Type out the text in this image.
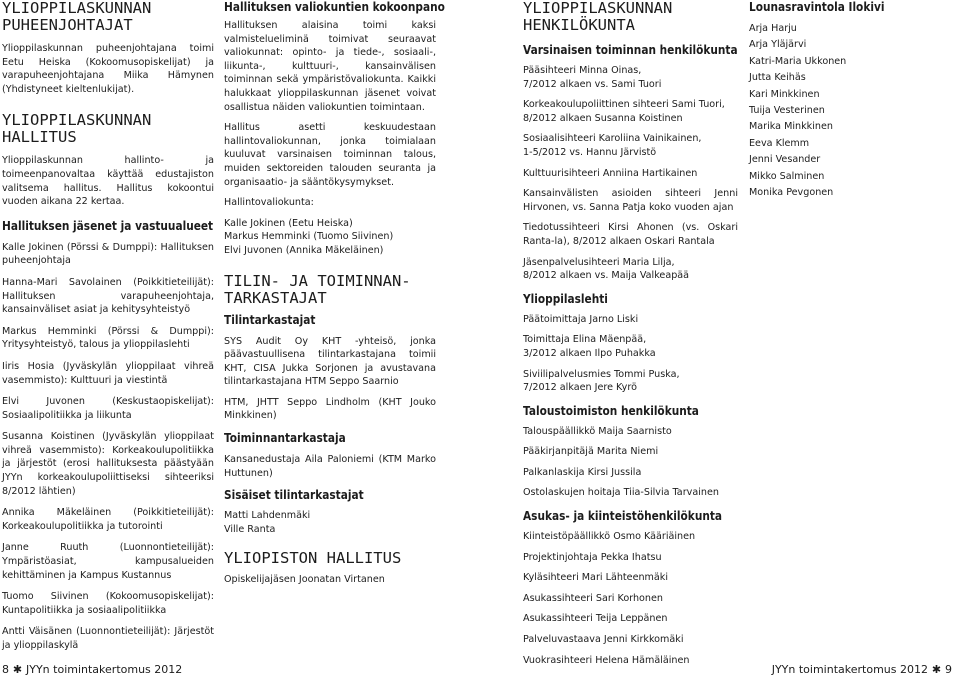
YLIOPPILASKUNNAN
PUHEENJOHTAJAT

Ylioppilaskunnan puheenjohtajana toimi Eetu Heiska (Kokoomusopiskelijat) ja varapuheenjohtajana Miika Hämynen (Yhdistyneet kieltenlukijat).

YLIOPPILASKUNNAN
HALLITUS

Ylioppilaskunnan hallinto- ja toimeenpanovaltaa käyttää edustajiston valitsema hallitus. Hallitus kokoontui vuoden aikana 22 kertaa.

Hallituksen jäsenet ja vastuualueet

Kalle Jokinen (Pörssi & Dumppi): Hallituksen puheenjohtaja

Hanna-Mari Savolainen (Poikkitieteilijät): Hallituksen varapuheenjohtaja, kansainväliset asiat ja kehitysyhteistyö

Markus Hemminki (Pörssi & Dumppi): Yritysyhteistyö, talous ja ylioppilaslehti

Iiris Hosia (Jyväskylän ylioppilaat vihreä vasemmisto): Kulttuuri ja viestintä

Elvi Juvonen (Keskustaopiskelijat): Sosiaalipolitiikka ja liikunta

Susanna Koistinen (Jyväskylän ylioppilaat vihreä vasemmisto): Korkeakoulupolitiikka ja järjestöt (erosi hallituksesta päästyään JYYn korkeakoulupoliittiseksi sihteeriksi 8/2012 lähtien)

Annika Mäkeläinen (Poikkitieteilijät): Korkeakoulupolitiikka ja tutorointi

Janne Ruuth (Luonnontieteilijät): Ympäristöasiat, kampusalueiden kehittäminen ja Kampus Kustannus

Tuomo Siivinen (Kokoomusopiskelijat): Kuntapolitiikka ja sosiaalipolitiikka

Antti Väisänen (Luonnontieteilijät): Järjestöt ja ylioppilaskylä

Hallituksen valiokuntien kokoonpano

Hallituksen alaisina toimi kaksi valmistelueliminä toimivat seuraavat valiokunnat: opinto- ja tiede-, sosiaali-, liikunta-, kulttuuri-, kansainvälisen toiminnan sekä ympäristövaliokunta. Kaikki halukkaat ylioppilaskunnan jäsenet voivat osallistua näiden valiokuntien toimintaan.

Hallitus asetti keskuudestaan hallintovaliokunnan, jonka toimialaan kuuluvat varsinaisen toiminnan talous, muiden sektoreiden talouden seuranta ja organisaatio- ja sääntökysymykset.

Hallintovaliokunta:

Kalle Jokinen (Eetu Heiska)

Markus Hemminki (Tuomo Siivinen)

Elvi Juvonen (Annika Mäkeläinen)

TILIN- JA TOIMINNAN-
TARKASTAJAT
Tilintarkastajat

SYS Audit Oy KHT -yhteisö, jonka päävastuullisena tilintarkastajana toimii KHT, CISA Jukka Sorjonen ja avustavana tilintarkastajana HTM Seppo Saarnio

HTM, JHTT Seppo Lindholm (KHT Jouko Minkkinen)

Toiminnantarkastaja

Kansanedustaja Aila Paloniemi (KTM Marko Huttunen)

Sisäiset tilintarkastajat

Matti Lahdenmäki

Ville Ranta

YLIOPISTON HALLITUS

Opiskelijajäsen Joonatan Virtanen

YLIOPPILASKUNNAN
HENKILÖKUNTA
Varsinaisen toiminnan henkilökunta

Pääsihteeri Minna Oinas,

7/2012 alkaen vs. Sami Tuori

Korkeakoulupoliittinen sihteeri Sami Tuori,

8/2012 alkaen Susanna Koistinen

Sosiaalisihteeri Karoliina Vainikainen,

1-5/2012 vs. Hannu Järvistö

Kulttuurisihteeri Anniina Hartikainen

Kansainvälisten asioiden sihteeri Jenni Hirvonen, vs. Sanna Patja koko vuoden ajan

Tiedotussihteeri Kirsi Ahonen (vs. Oskari Ranta-la), 8/2012 alkaen Oskari Rantala

Jäsenpalvelusihteeri Maria Lilja,

8/2012 alkaen vs. Maija Valkeapää

Ylioppilaslehti

Päätoimittaja Jarno Liski

Toimittaja Elina Mäenpää,

3/2012 alkaen Ilpo Puhakka

Siviilipalvelusmies Tommi Puska,

7/2012 alkaen Jere Kyrö

Taloustoimiston henkilökunta

Talouspäällikkö Maija Saarnisto

Pääkirjanpitäjä Marita Niemi

Palkanlaskija Kirsi Jussila

Ostolaskujen hoitaja Tiia-Silvia Tarvainen

Asukas- ja kiinteistöhenkilökunta

Kiinteistöpäällikkö Osmo Kääriäinen

Projektinjohtaja Pekka Ihatsu

Kyläsihteeri Mari Lähteenmäki

Asukassihteeri Sari Korhonen

Asukassihteeri Teija Leppänen

Palveluvastaava Jenni Kirkkomäki

Vuokrasihteeri Helena Hämäläinen

Lounasravintola Ilokivi

Arja Harju

Arja Yläjärvi

Katri-Maria Ukkonen

Jutta Keihäs

Kari Minkkinen

Tuija Vesterinen

Marika Minkkinen

Eeva Klemm

Jenni Vesander

Mikko Salminen

Monika Pevgonen

8 ✱ JYYn toimintakertomus 2012	JYYn toimintakertomus 2012 ✱ 9
